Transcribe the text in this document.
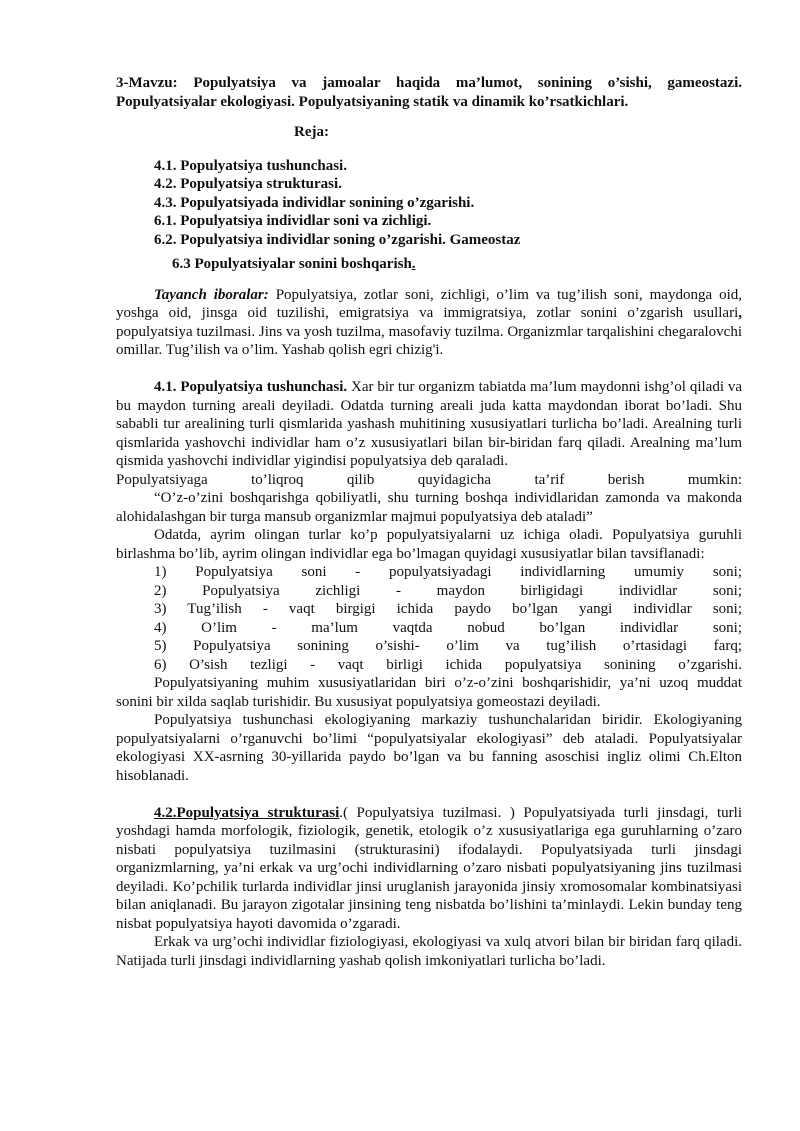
3-Mavzu: Populyatsiya va jamoalar haqida ma’lumot, sonining o’sishi, gameostazi. Populyatsiyalar ekologiyasi. Populyatsiyaning statik va dinamik ko’rsatkichlari.
Reja:
4.1. Populyatsiya tushunchasi.
4.2. Populyatsiya strukturasi.
4.3. Populyatsiyada individlar sonining o’zgarishi.
6.1. Populyatsiya individlar soni va zichligi.
6.2. Populyatsiya individlar soning o’zgarishi. Gameostaz
6.3 Populyatsiyalar sonini boshqarish.

Tayanch iboralar: Populyatsiya, zotlar soni, zichligi, o’lim va tug’ilish soni, maydonga oid, yoshga oid, jinsga oid tuzilishi, emigratsiya va immigratsiya, zotlar sonini o’zgarish usullari, populyatsiya tuzilmasi. Jins va yosh tuzilma, masofaviy tuzilma. Organizmlar tarqalishini chegaralovchi omillar. Tug’ilish va o’lim. Yashab qolish egri chizig'i.

4.1. Populyatsiya tushunchasi. Xar bir tur organizm tabiatda ma’lum maydonni ishg’ol qiladi va bu maydon turning areali deyiladi. Odatda turning areali juda katta maydondan iborat bo’ladi. Shu sababli tur arealining turli qismlarida yashash muhitining xususiyatlari turlicha bo’ladi. Arealning turli qismlarida yashovchi individlar ham o’z xususiyatlari bilan bir-biridan farq qiladi. Arealning ma’lum qismida yashovchi individlar yigindisi populyatsiya deb qaraladi.

Populyatsiyaga to’liqroq qilib quyidagicha ta’rif berish mumkin:

“O’z-o’zini boshqarishga qobiliyatli, shu turning boshqa individlaridan zamonda va makonda alohidalashgan bir turga mansub organizmlar majmui populyatsiya deb ataladi”

Odatda, ayrim olingan turlar ko’p populyatsiyalarni uz ichiga oladi. Populyatsiya guruhli birlashma bo’lib, ayrim olingan individlar ega bo’lmagan quyidagi xususiyatlar bilan tavsiflanadi:

1) Populyatsiya soni - populyatsiyadagi individlarning umumiy soni;

2) Populyatsiya zichligi - maydon birligidagi individlar soni;

3) Tug’ilish - vaqt birgigi ichida paydo bo’lgan yangi individlar soni;

4) O’lim - ma’lum vaqtda nobud bo’lgan individlar soni;

5) Populyatsiya sonining o’sishi- o’lim va tug’ilish o’rtasidagi farq;

6) O’sish tezligi - vaqt birligi ichida populyatsiya sonining o’zgarishi.

Populyatsiyaning muhim xususiyatlaridan biri o’z-o’zini boshqarishidir, ya’ni uzoq muddat sonini bir xilda saqlab turishidir. Bu xususiyat populyatsiya gomeostazi deyiladi.

Populyatsiya tushunchasi ekologiyaning markaziy tushunchalaridan biridir. Ekologiyaning populyatsiyalarni o’rganuvchi bo’limi “populyatsiyalar ekologiyasi” deb ataladi. Populyatsiyalar ekologiyasi XX-asrning 30-yillarida paydo bo’lgan va bu fanning asoschisi ingliz olimi Ch.Elton hisoblanadi.

4.2.Populyatsiya strukturasi.( Populyatsiya tuzilmasi. ) Populyatsiyada turli jinsdagi, turli yoshdagi hamda morfologik, fiziologik, genetik, etologik o’z xususiyatlariga ega guruhlarning o’zaro nisbati populyatsiya tuzilmasini (strukturasini) ifodalaydi. Populyatsiyada turli jinsdagi organizmlarning, ya’ni erkak va urg’ochi individlarning o’zaro nisbati populyatsiyaning jins tuzilmasi deyiladi. Ko’pchilik turlarda individlar jinsi uruglanish jarayonida jinsiy xromosomalar kombinatsiyasi bilan aniqlanadi. Bu jarayon zigotalar jinsining teng nisbatda bo’lishini ta’minlaydi. Lekin bunday teng nisbat populyatsiya hayoti davomida o’zgaradi.

Erkak va urg’ochi individlar fiziologiyasi, ekologiyasi va xulq atvori bilan bir biridan farq qiladi. Natijada turli jinsdagi individlarning yashab qolish imkoniyatlari turlicha bo’ladi.
